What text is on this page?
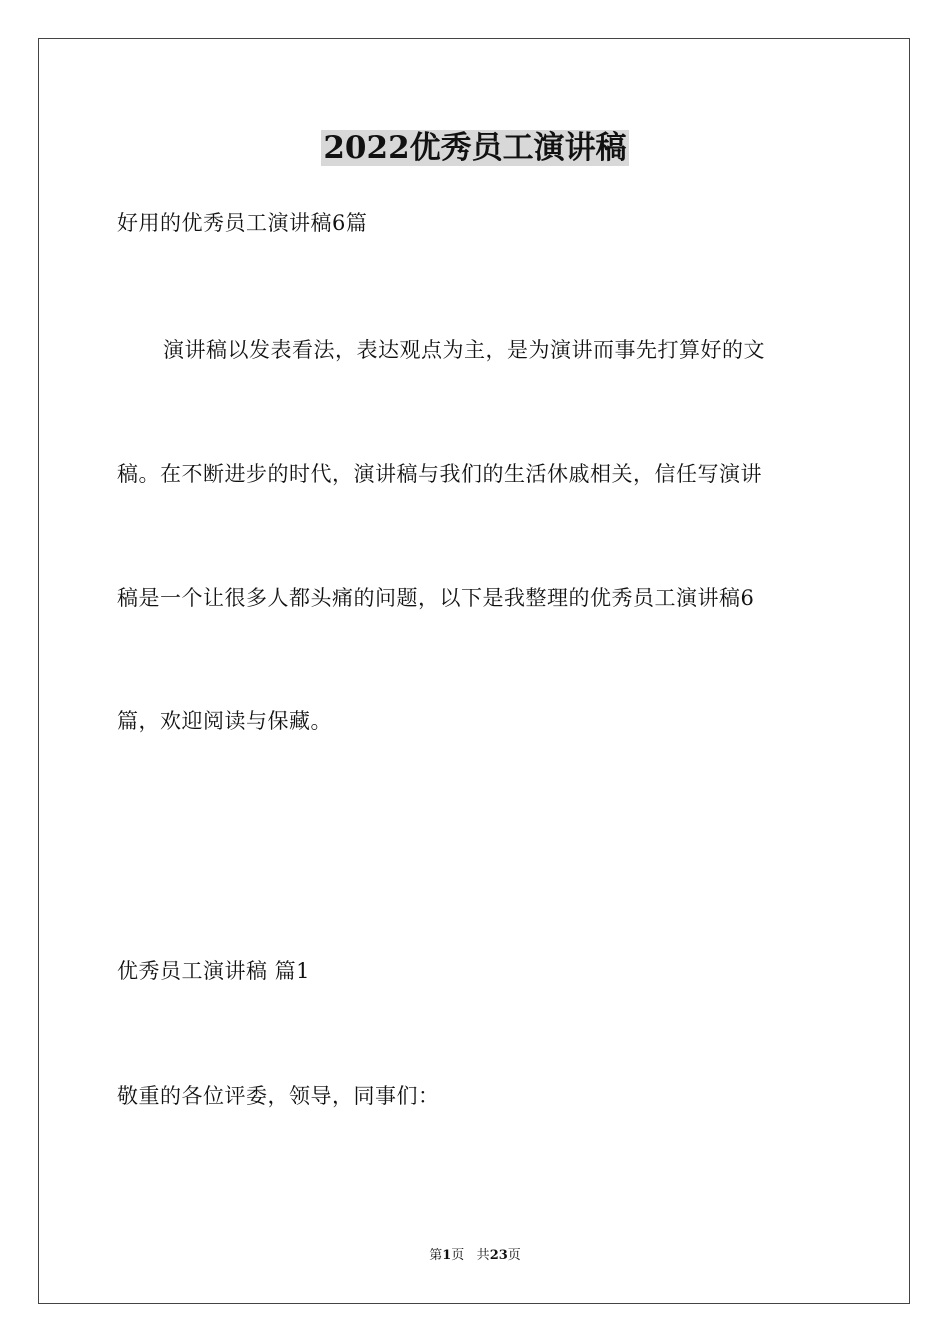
2022优秀员工演讲稿

好用的优秀员工演讲稿6篇

演讲稿以发表看法，表达观点为主，是为演讲而事先打算好的文

稿。在不断进步的时代，演讲稿与我们的生活休戚相关，信任写演讲

稿是一个让很多人都头痛的问题，以下是我整理的优秀员工演讲稿6

篇，欢迎阅读与保藏。

优秀员工演讲稿 篇1

敬重的各位评委，领导，同事们：

第1页 共23页
